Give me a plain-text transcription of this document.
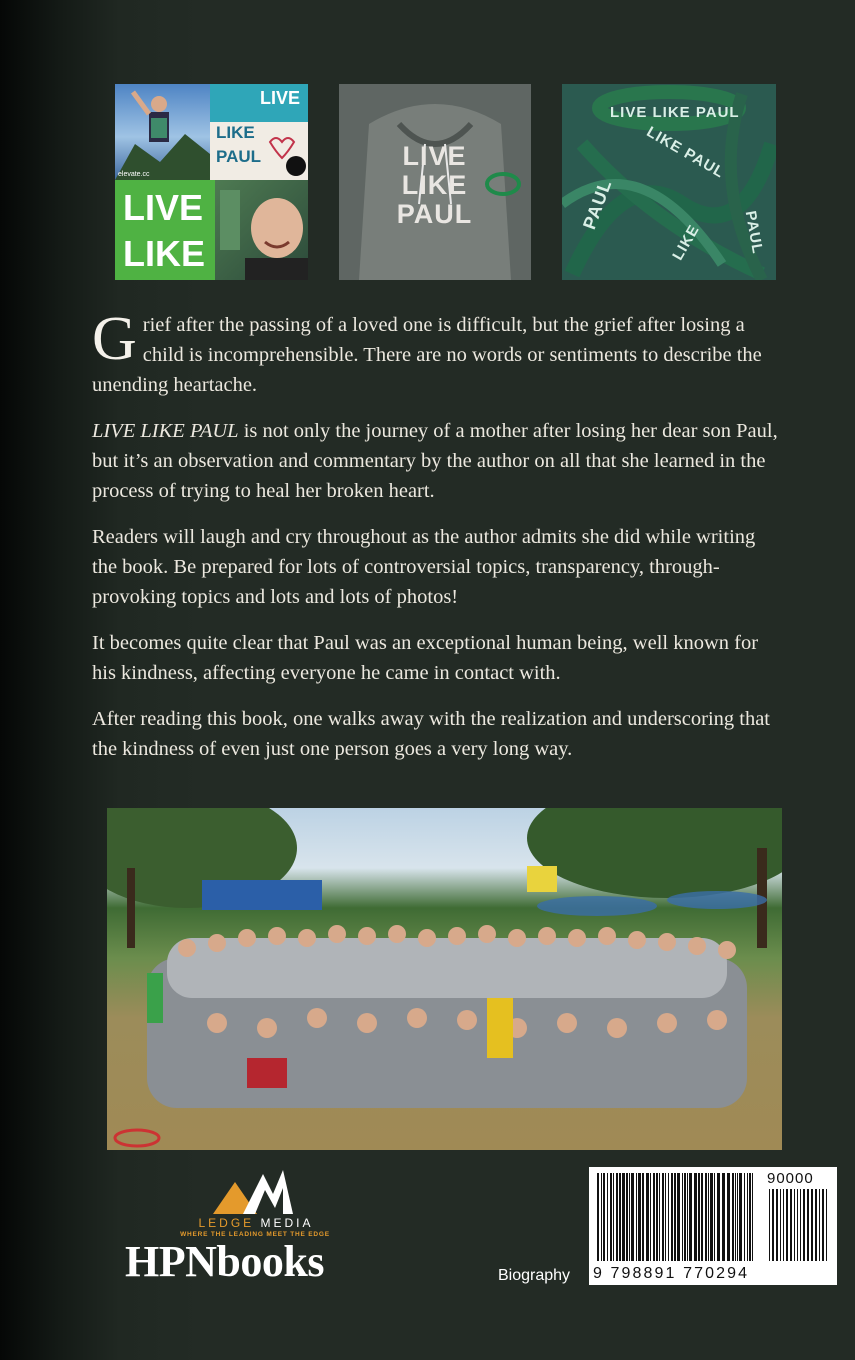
elevate.cc
LIVE
LIKE
PAUL
LIVE
LIKE
LIVE
LIKE
PAUL
LIVE LIKE PAUL
LIKE PAUL
PAUL
LIKE	PAUL

Grief after the passing of a loved one is difficult, but the grief after losing a child is incomprehensible. There are no words or sentiments to describe the unending heartache.

LIVE LIKE PAUL is not only the journey of a mother after losing her dear son Paul, but it’s an observation and commentary by the author on all that she learned in the process of trying to heal her broken heart.

Readers will laugh and cry throughout as the author admits she did while writing the book. Be prepared for lots of controversial topics, transparency, through-provoking topics and lots and lots of photos!

It becomes quite clear that Paul was an exceptional human being, well known for his kindness, affecting everyone he came in contact with.

After reading this book, one walks away with the realization and underscoring that the kindness of even just one person goes a very long way.

LEDGE MEDIA
WHERE THE LEADING MEET THE EDGE
HPNbooks	Biography 9 798891 770294
90000
